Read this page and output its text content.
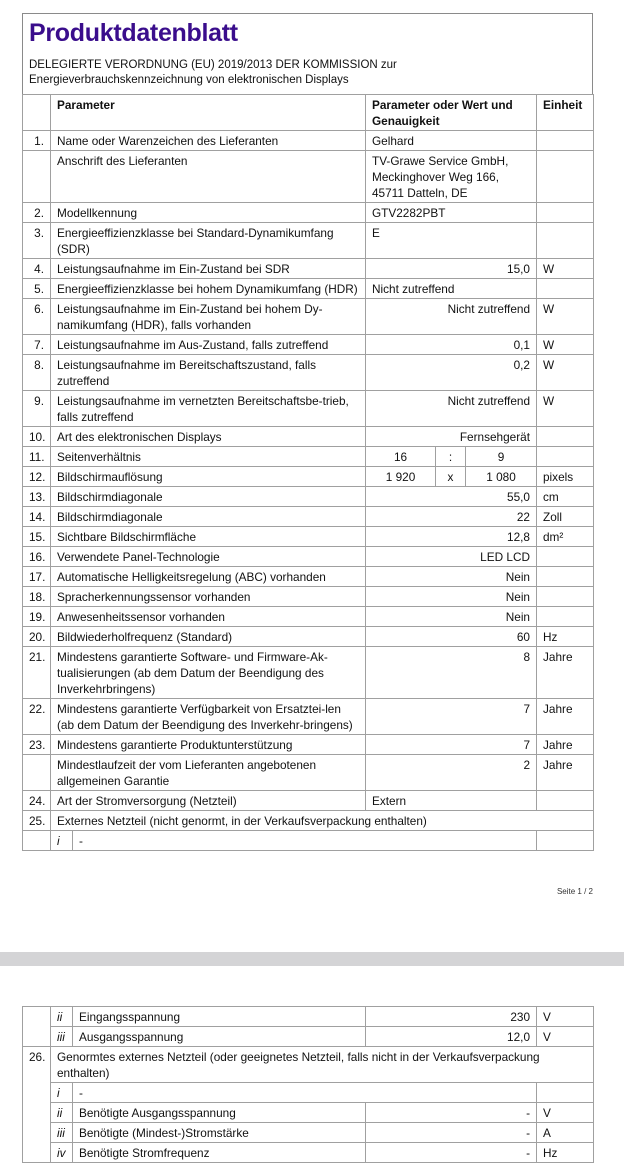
Produktdatenblatt
DELEGIERTE VERORDNUNG (EU) 2019/2013 DER KOMMISSION zur
Energieverbrauchskennzeichnung von elektronischen Displays
	Parameter		Parameter oder Wert und Genauigkeit			Einheit
1.	Name oder Warenzeichen des Lieferanten		Gelhard			
	Anschrift des Lieferanten		TV-Grawe Service GmbH, Meckinghover Weg 166, 45711 Datteln, DE			
2.	Modellkennung		GTV2282PBT			
3.	Energieeffizienzklasse bei Standard-Dynamikumfang (SDR)		E			
4.	Leistungsaufnahme im Ein-Zustand bei SDR		15,0			W
5.	Energieeffizienzklasse bei hohem Dynamikumfang (HDR)		Nicht zutreffend			
6.	Leistungsaufnahme im Ein-Zustand bei hohem Dy-namikumfang (HDR), falls vorhanden		Nicht zutreffend			W
7.	Leistungsaufnahme im Aus-Zustand, falls zutreffend		0,1			W
8.	Leistungsaufnahme im Bereitschaftszustand, falls zutreffend		0,2			W
9.	Leistungsaufnahme im vernetzten Bereitschaftsbe-trieb, falls zutreffend		Nicht zutreffend			W
10.	Art des elektronischen Displays		Fernsehgerät			
11.	Seitenverhältnis		16	:	9	
12.	Bildschirmauflösung		1 920	x	1 080	pixels
13.	Bildschirmdiagonale		55,0			cm
14.	Bildschirmdiagonale		22			Zoll
15.	Sichtbare Bildschirmfläche		12,8			dm²
16.	Verwendete Panel-Technologie		LED LCD			
17.	Automatische Helligkeitsregelung (ABC) vorhanden		Nein			
18.	Spracherkennungssensor vorhanden		Nein			
19.	Anwesenheitssensor vorhanden		Nein			
20.	Bildwiederholfrequenz (Standard)		60			Hz
21.	Mindestens garantierte Software- und Firmware-Ak-tualisierungen (ab dem Datum der Beendigung des Inverkehrbringens)		8			Jahre
22.	Mindestens garantierte Verfügbarkeit von Ersatztei-len (ab dem Datum der Beendigung des Inverkehr-bringens)		7			Jahre
23.	Mindestens garantierte Produktunterstützung		7			Jahre
	Mindestlaufzeit der vom Lieferanten angebotenen allgemeinen Garantie		2			Jahre
24.	Art der Stromversorgung (Netzteil)		Extern			
25.	Externes Netzteil (nicht genormt, in der Verkaufsverpackung enthalten)					
	i	-				
Seite 1 / 2
	ii	Eingangsspannung	230	V
	iii	Ausgangsspannung	12,0	V
26.	Genormtes externes Netzteil (oder geeignetes Netzteil, falls nicht in der Verkaufsverpackung enthalten)			
	i	-		
	ii	Benötigte Ausgangsspannung	-	V
	iii	Benötigte (Mindest-)Stromstärke	-	A
	iv	Benötigte Stromfrequenz	-	Hz
